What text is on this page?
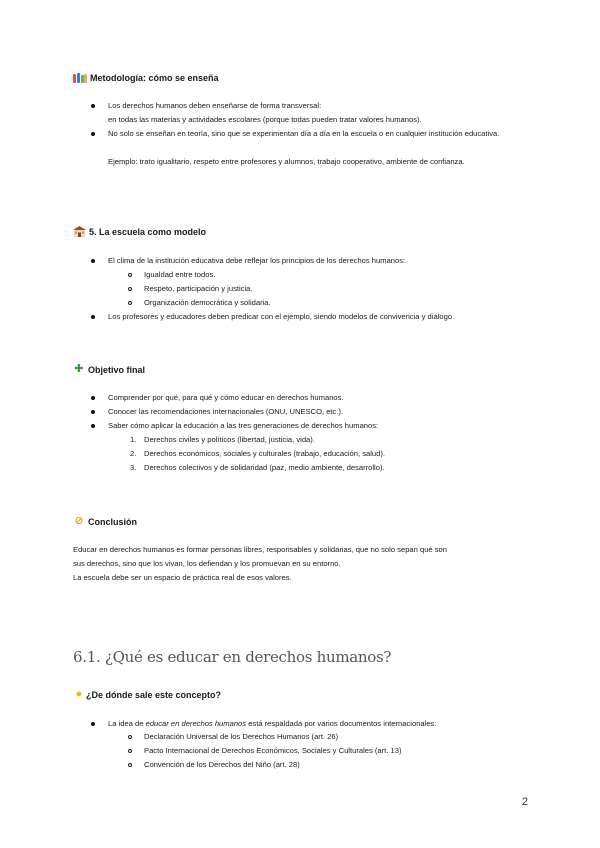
Metodología: cómo se enseña
Los derechos humanos deben enseñarse de forma transversal:
en todas las materias y actividades escolares (porque todas pueden tratar valores humanos).
No solo se enseñan en teoría, sino que se experimentan día a día en la escuela o en cualquier institución educativa.
Ejemplo: trato igualitario, respeto entre profesores y alumnos, trabajo cooperativo, ambiente de confianza.
5. La escuela como modelo
El clima de la institución educativa debe reflejar los principios de los derechos humanos:
Igualdad entre todos.
Respeto, participación y justicia.
Organización democrática y solidaria.
Los profesores y educadores deben predicar con el ejemplo, siendo modelos de convivencia y diálogo.
✚ Objetivo final
Comprender por qué, para qué y cómo educar en derechos humanos.
Conocer las recomendaciones internacionales (ONU, UNESCO, etc.).
Saber cómo aplicar la educación a las tres generaciones de derechos humanos:
1. Derechos civiles y políticos (libertad, justicia, vida).
2. Derechos económicos, sociales y culturales (trabajo, educación, salud).
3. Derechos colectivos y de solidaridad (paz, medio ambiente, desarrollo).
⊘ Conclusión
Educar en derechos humanos es formar personas libres, responsables y solidarias, que no solo sepan qué son
sus derechos, sino que los vivan, los defiendan y los promuevan en su entorno.
La escuela debe ser un espacio de práctica real de esos valores.
6.1. ¿Qué es educar en derechos humanos?
● ¿De dónde sale este concepto?
La idea de educar en derechos humanos está respaldada por varios documentos internacionales:
Declaración Universal de los Derechos Humanos (art. 26)
Pacto Internacional de Derechos Económicos, Sociales y Culturales (art. 13)
Convención de los Derechos del Niño (art. 28)
2
